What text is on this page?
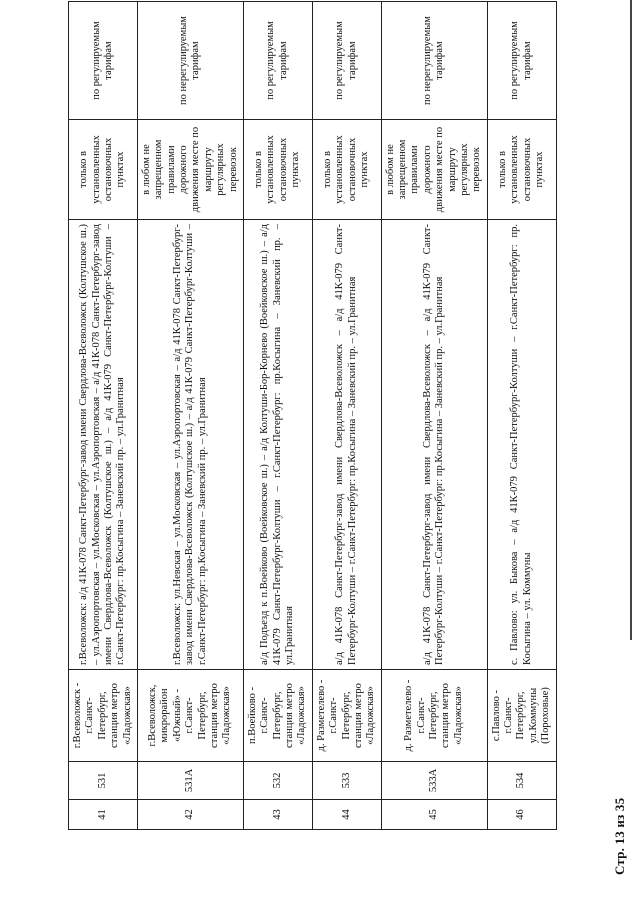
41	531	г.Всеволожск - г.Санкт-Петербург, станция метро «Ладожская»	г.Всеволожск: а/д 41К-078 Санкт-Петербург-завод имени Свердлова-Всеволожск (Колтушское ш.) – ул.Аэропортовская – ул.Московская – ул.Аэропортовская – а/д 41К-078 Санкт-Петербург-завод имени Свердлова-Всеволожск (Колтушское ш.) – а/д 41К-079 Санкт-Петербург-Колтуши – г.Санкт-Петербург: пр.Косыгина – Заневский пр. – ул.Гранитная	только в установленных остановочных пунктах	по регулируемым тарифам
42	531А	г.Всеволожск, микрорайон «Южный» - г.Санкт-Петербург, станция метро «Ладожская»	г.Всеволожск: ул.Невская – ул.Московская – ул.Аэропортовская – а/д 41К-078 Санкт-Петербург-завод имени Свердлова-Всеволожск (Колтушское ш.) – а/д 41К-079 Санкт-Петербург-Колтуши – г.Санкт-Петербург: пр.Косыгина – Заневский пр. – ул.Гранитная	в любом не запрещенном правилами дорожного движения месте по маршруту регулярных перевозок	по нерегулируемым тарифам
43	532	п.Воейково - г.Санкт-Петербург, станция метро «Ладожская»	а/д Подъезд к п.Воейково (Воейковское ш.) – а/д Колтуши-Бор-Корнево (Воейковское ш.) – а/д 41К-079 Санкт-Петербург-Колтуши – г.Санкт-Петербург: пр.Косыгина – Заневский пр. – ул.Гранитная	только в установленных остановочных пунктах	по регулируемым тарифам
44	533	д. Разметелево - г.Санкт-Петербург, станция метро «Ладожская»	а/д 41К-078 Санкт-Петербург-завод имени Свердлова-Всеволожск – а/д 41К-079 Санкт-Петербург-Колтуши – г.Санкт-Петербург: пр.Косыгина – Заневский пр. – ул.Гранитная	только в установленных остановочных пунктах	по регулируемым тарифам
45	533А	д. Разметелево - г.Санкт-Петербург, станция метро «Ладожская»	а/д 41К-078 Санкт-Петербург-завод имени Свердлова-Всеволожск – а/д 41К-079 Санкт-Петербург-Колтуши – г.Санкт-Петербург: пр.Косыгина – Заневский пр. – ул.Гранитная	в любом не запрещенном правилами дорожного движения месте по маршруту регулярных перевозок	по нерегулируемым тарифам
46	534	с.Павлово - г.Санкт-Петербург, ул.Коммуны (Пороховые)	с. Павлово: ул. Быкова – а/д 41К-079 Санкт-Петербург-Колтуши – г.Санкт-Петербург: пр. Косыгина – ул. Коммуны	только в установленных остановочных пунктах	по регулируемым тарифам
Стр. 13 из 35
